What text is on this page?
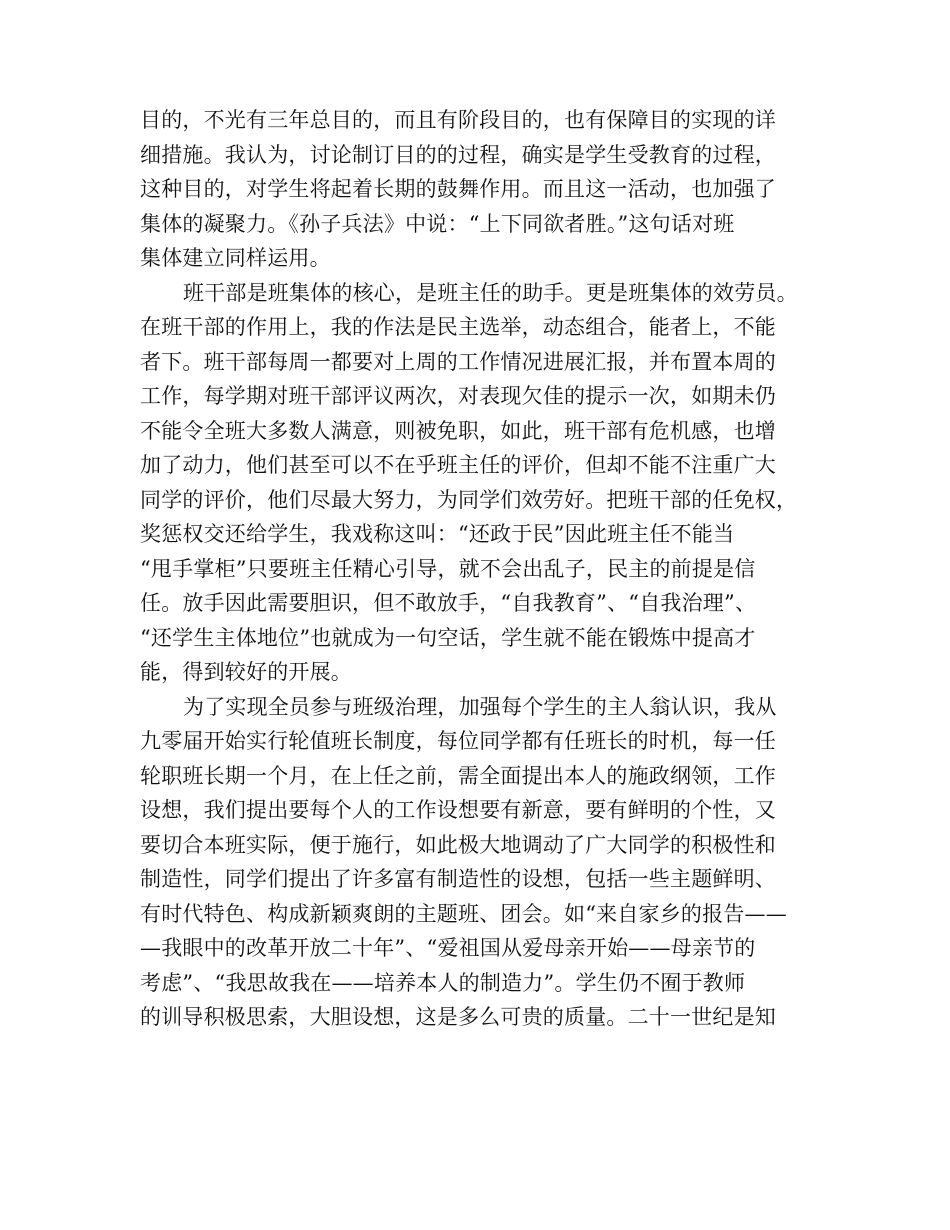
目的，不光有三年总目的，而且有阶段目的，也有保障目的实现的详
细措施。我认为，讨论制订目的的过程，确实是学生受教育的过程，
这种目的，对学生将起着长期的鼓舞作用。而且这一活动，也加强了
集体的凝聚力。《孙子兵法》中说：“上下同欲者胜。”这句话对班
集体建立同样运用。
班干部是班集体的核心，是班主任的助手。更是班集体的效劳员。
在班干部的作用上，我的作法是民主选举，动态组合，能者上，不能
者下。班干部每周一都要对上周的工作情况进展汇报，并布置本周的
工作，每学期对班干部评议两次，对表现欠佳的提示一次，如期未仍
不能令全班大多数人满意，则被免职，如此，班干部有危机感，也增
加了动力，他们甚至可以不在乎班主任的评价，但却不能不注重广大
同学的评价，他们尽最大努力，为同学们效劳好。把班干部的任免权，
奖惩权交还给学生，我戏称这叫：“还政于民”因此班主任不能当
“甩手掌柜”只要班主任精心引导，就不会出乱子，民主的前提是信
任。放手因此需要胆识，但不敢放手，“自我教育”、“自我治理”、
“还学生主体地位”也就成为一句空话，学生就不能在锻炼中提高才
能，得到较好的开展。
为了实现全员参与班级治理，加强每个学生的主人翁认识，我从
九零届开始实行轮值班长制度，每位同学都有任班长的时机，每一任
轮职班长期一个月，在上任之前，需全面提出本人的施政纲领，工作
设想，我们提出要每个人的工作设想要有新意，要有鲜明的个性，又
要切合本班实际，便于施行，如此极大地调动了广大同学的积极性和
制造性，同学们提出了许多富有制造性的设想，包括一些主题鲜明、
有时代特色、构成新颖爽朗的主题班、团会。如“来自家乡的报告——
—我眼中的改革开放二十年”、“爱祖国从爱母亲开始——母亲节的
考虑”、“我思故我在——培养本人的制造力”。学生仍不囿于教师
的训导积极思索，大胆设想，这是多么可贵的质量。二十一世纪是知
